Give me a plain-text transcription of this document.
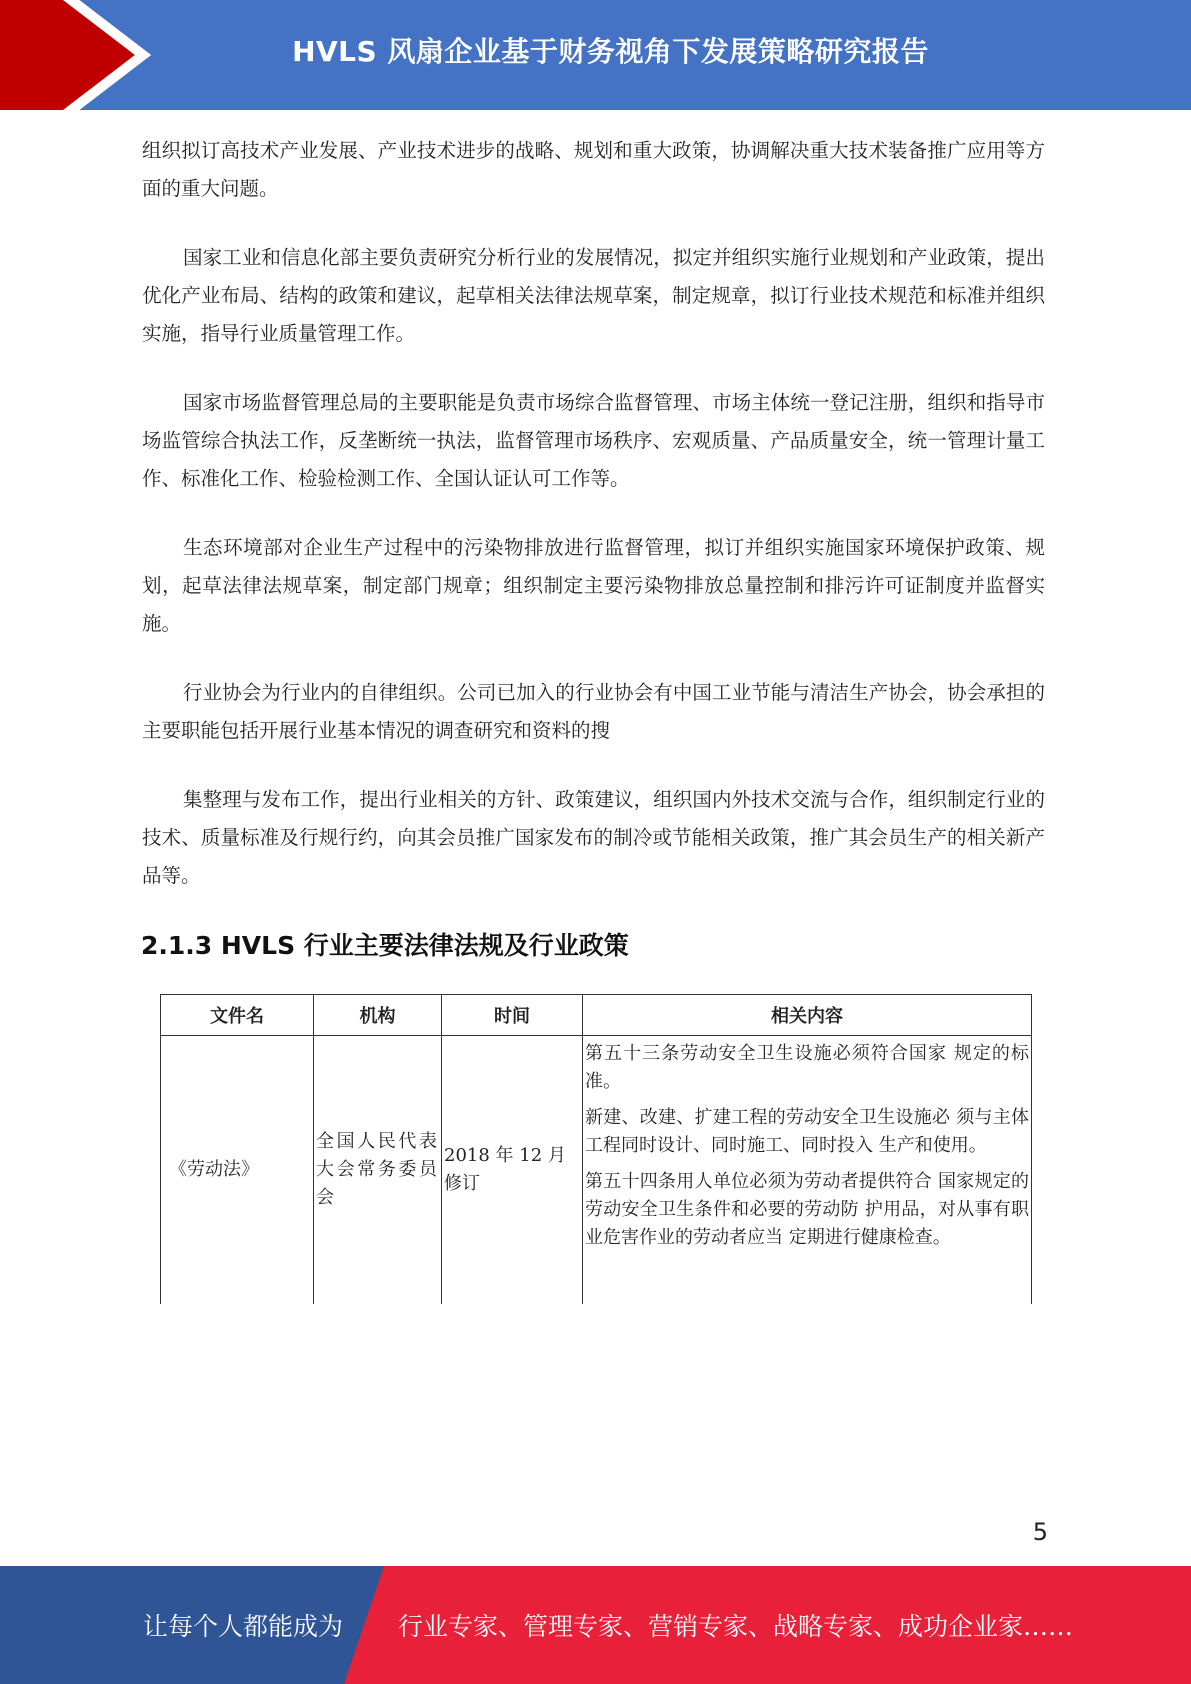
HVLS 风扇企业基于财务视角下发展策略研究报告

组织拟订高技术产业发展、产业技术进步的战略、规划和重大政策，协调解决重大技术装备推广应用等方面的重大问题。

国家工业和信息化部主要负责研究分析行业的发展情况，拟定并组织实施行业规划和产业政策，提出优化产业布局、结构的政策和建议，起草相关法律法规草案，制定规章，拟订行业技术规范和标准并组织实施，指导行业质量管理工作。

国家市场监督管理总局的主要职能是负责市场综合监督管理、市场主体统一登记注册，组织和指导市场监管综合执法工作，反垄断统一执法，监督管理市场秩序、宏观质量、产品质量安全，统一管理计量工作、标准化工作、检验检测工作、全国认证认可工作等。

生态环境部对企业生产过程中的污染物排放进行监督管理，拟订并组织实施国家环境保护政策、规划，起草法律法规草案，制定部门规章；组织制定主要污染物排放总量控制和排污许可证制度并监督实施。

行业协会为行业内的自律组织。公司已加入的行业协会有中国工业节能与清洁生产协会，协会承担的主要职能包括开展行业基本情况的调查研究和资料的搜

集整理与发布工作，提出行业相关的方针、政策建议，组织国内外技术交流与合作，组织制定行业的技术、质量标准及行规行约，向其会员推广国家发布的制冷或节能相关政策，推广其会员生产的相关新产品等。

2.1.3 HVLS 行业主要法律法规及行业政策
文件名	机构	时间	相关内容
《劳动法》	全国人民代表大会常务委员会	2018 年 12 月修订	第五十三条劳动安全卫生设施必须符合国家 规定的标准。

新建、改建、扩建工程的劳动安全卫生设施必 须与主体工程同时设计、同时施工、同时投入 生产和使用。

第五十四条用人单位必须为劳动者提供符合 国家规定的劳动安全卫生条件和必要的劳动防 护用品，对从事有职业危害作业的劳动者应当 定期进行健康检查。

5
让每个人都能成为 行业专家、管理专家、营销专家、战略专家、成功企业家……
